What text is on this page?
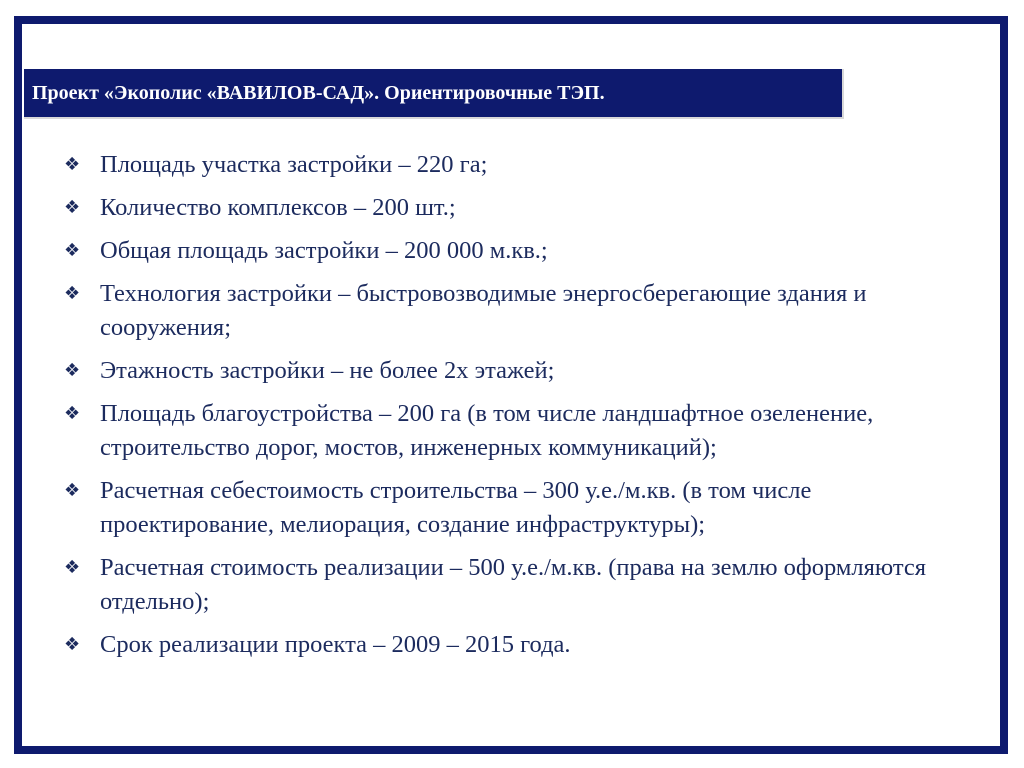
Проект «Экополис «ВАВИЛОВ-САД». Ориентировочные ТЭП.
❖ Площадь участка застройки – 220 га;
❖ Количество комплексов – 200 шт.;
❖ Общая площадь застройки – 200 000 м.кв.;
❖ Технология застройки – быстровозводимые энергосберегающие здания и сооружения;
❖ Этажность застройки – не более 2х этажей;
❖ Площадь благоустройства – 200 га (в том числе ландшафтное озеленение, строительство дорог, мостов, инженерных коммуникаций);
❖ Расчетная себестоимость строительства – 300 у.е./м.кв. (в том числе проектирование, мелиорация, создание инфраструктуры);
❖ Расчетная стоимость реализации – 500 у.е./м.кв. (права на землю оформляются отдельно);
❖ Срок реализации проекта – 2009 – 2015 года.
